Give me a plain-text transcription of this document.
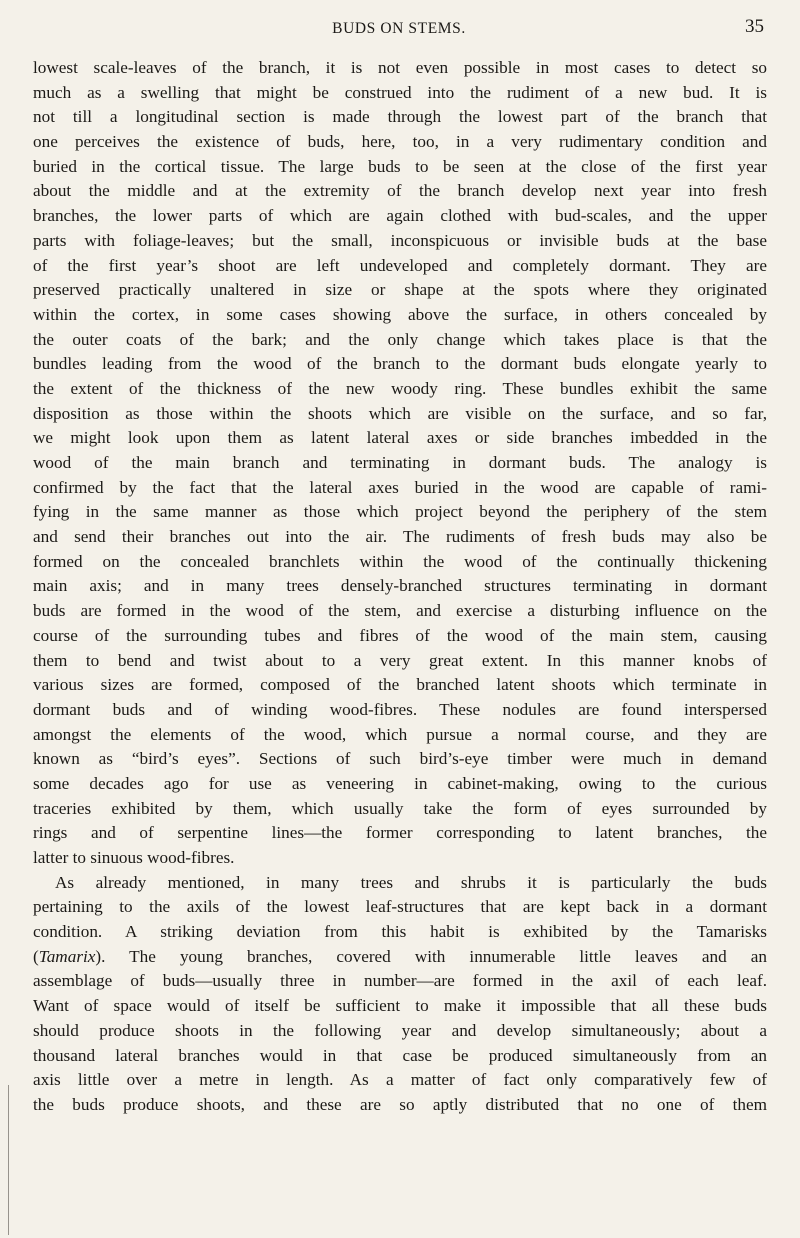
BUDS ON STEMS.	35
lowest scale-leaves of the branch, it is not even possible in most cases to detect so
much as a swelling that might be construed into the rudiment of a new bud. It is
not till a longitudinal section is made through the lowest part of the branch that
one perceives the existence of buds, here, too, in a very rudimentary condition and
buried in the cortical tissue. The large buds to be seen at the close of the first year
about the middle and at the extremity of the branch develop next year into fresh
branches, the lower parts of which are again clothed with bud-scales, and the upper
parts with foliage-leaves; but the small, inconspicuous or invisible buds at the base
of the first year’s shoot are left undeveloped and completely dormant. They are
preserved practically unaltered in size or shape at the spots where they originated
within the cortex, in some cases showing above the surface, in others concealed by
the outer coats of the bark; and the only change which takes place is that the
bundles leading from the wood of the branch to the dormant buds elongate yearly to
the extent of the thickness of the new woody ring. These bundles exhibit the same
disposition as those within the shoots which are visible on the surface, and so far,
we might look upon them as latent lateral axes or side branches imbedded in the
wood of the main branch and terminating in dormant buds. The analogy is
confirmed by the fact that the lateral axes buried in the wood are capable of rami-
fying in the same manner as those which project beyond the periphery of the stem
and send their branches out into the air. The rudiments of fresh buds may also be
formed on the concealed branchlets within the wood of the continually thickening
main axis; and in many trees densely-branched structures terminating in dormant
buds are formed in the wood of the stem, and exercise a disturbing influence on the
course of the surrounding tubes and fibres of the wood of the main stem, causing
them to bend and twist about to a very great extent. In this manner knobs of
various sizes are formed, composed of the branched latent shoots which terminate in
dormant buds and of winding wood-fibres. These nodules are found interspersed
amongst the elements of the wood, which pursue a normal course, and they are
known as “bird’s eyes”. Sections of such bird’s-eye timber were much in demand
some decades ago for use as veneering in cabinet-making, owing to the curious
traceries exhibited by them, which usually take the form of eyes surrounded by
rings and of serpentine lines—the former corresponding to latent branches, the
latter to sinuous wood-fibres.
As already mentioned, in many trees and shrubs it is particularly the buds
pertaining to the axils of the lowest leaf-structures that are kept back in a dormant
condition. A striking deviation from this habit is exhibited by the Tamarisks
(Tamarix). The young branches, covered with innumerable little leaves and an
assemblage of buds—usually three in number—are formed in the axil of each leaf.
Want of space would of itself be sufficient to make it impossible that all these buds
should produce shoots in the following year and develop simultaneously; about a
thousand lateral branches would in that case be produced simultaneously from an
axis little over a metre in length. As a matter of fact only comparatively few of
the buds produce shoots, and these are so aptly distributed that no one of them
